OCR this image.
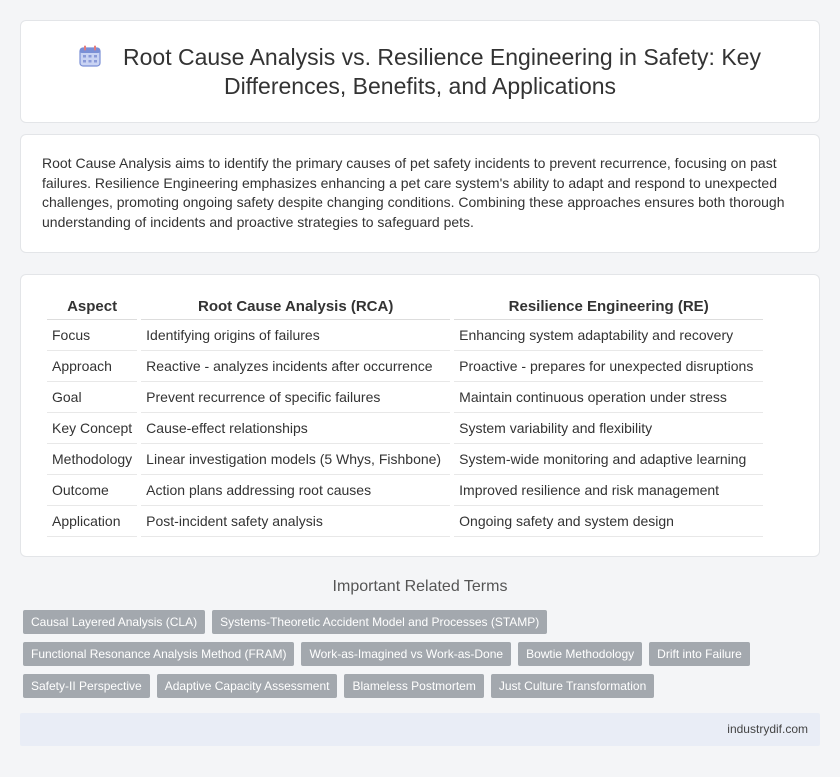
Root Cause Analysis vs. Resilience Engineering in Safety: Key Differences, Benefits, and Applications

Root Cause Analysis aims to identify the primary causes of pet safety incidents to prevent recurrence, focusing on past failures. Resilience Engineering emphasizes enhancing a pet care system's ability to adapt and respond to unexpected challenges, promoting ongoing safety despite changing conditions. Combining these approaches ensures both thorough understanding of incidents and proactive strategies to safeguard pets.

Aspect	Root Cause Analysis (RCA)	Resilience Engineering (RE)
Focus	Identifying origins of failures	Enhancing system adaptability and recovery
Approach	Reactive - analyzes incidents after occurrence	Proactive - prepares for unexpected disruptions
Goal	Prevent recurrence of specific failures	Maintain continuous operation under stress
Key Concept	Cause-effect relationships	System variability and flexibility
Methodology	Linear investigation models (5 Whys, Fishbone)	System-wide monitoring and adaptive learning
Outcome	Action plans addressing root causes	Improved resilience and risk management
Application	Post-incident safety analysis	Ongoing safety and system design
Important Related Terms
Causal Layered Analysis (CLA)	Systems-Theoretic Accident Model and Processes (STAMP)
Functional Resonance Analysis Method (FRAM)	Work-as-Imagined vs Work-as-Done	Bowtie Methodology	Drift into Failure
Safety-II Perspective	Adaptive Capacity Assessment	Blameless Postmortem	Just Culture Transformation
industrydif.com
